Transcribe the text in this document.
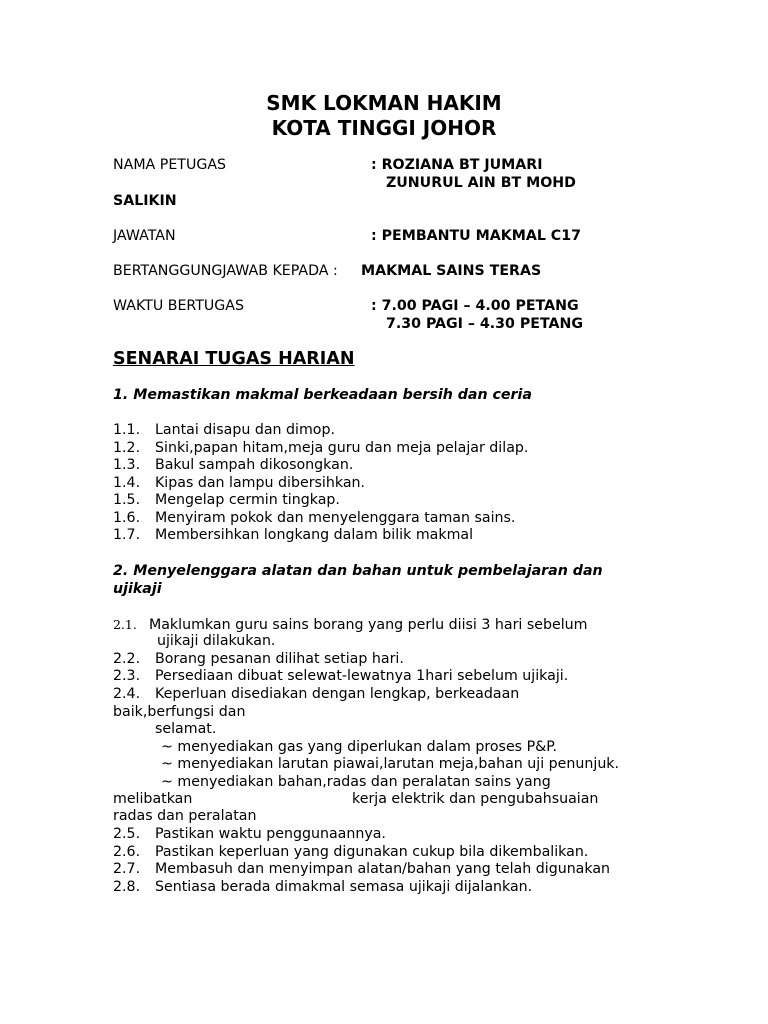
SMK LOKMAN HAKIM
KOTA TINGGI JOHOR
NAMA PETUGAS	: ROZIANA BT JUMARI
ZUNURUL AIN BT MOHD
SALIKIN
JAWATAN	: PEMBANTU MAKMAL C17
BERTANGGUNGJAWAB KEPADA : MAKMAL SAINS TERAS
WAKTU BERTUGAS	: 7.00 PAGI – 4.00 PETANG
7.30 PAGI – 4.30 PETANG
SENARAI TUGAS HARIAN
1. Memastikan makmal berkeadaan bersih dan ceria
1.1. Lantai disapu dan dimop.
1.2. Sinki,papan hitam,meja guru dan meja pelajar dilap.
1.3. Bakul sampah dikosongkan.
1.4. Kipas dan lampu dibersihkan.
1.5. Mengelap cermin tingkap.
1.6. Menyiram pokok dan menyelenggara taman sains.
1.7. Membersihkan longkang dalam bilik makmal
2. Menyelenggara alatan dan bahan untuk pembelajaran dan
ujikaji
2.1. Maklumkan guru sains borang yang perlu diisi 3 hari sebelum
ujikaji dilakukan.
2.2. Borang pesanan dilihat setiap hari.
2.3. Persediaan dibuat selewat-lewatnya 1hari sebelum ujikaji.
2.4. Keperluan disediakan dengan lengkap, berkeadaan
baik,berfungsi dan
selamat.
~ menyediakan gas yang diperlukan dalam proses P&P.
~ menyediakan larutan piawai,larutan meja,bahan uji penunjuk.
~ menyediakan bahan,radas dan peralatan sains yang
melibatkan	kerja elektrik dan pengubahsuaian
radas dan peralatan
2.5. Pastikan waktu penggunaannya.
2.6. Pastikan keperluan yang digunakan cukup bila dikembalikan.
2.7. Membasuh dan menyimpan alatan/bahan yang telah digunakan
2.8. Sentiasa berada dimakmal semasa ujikaji dijalankan.
